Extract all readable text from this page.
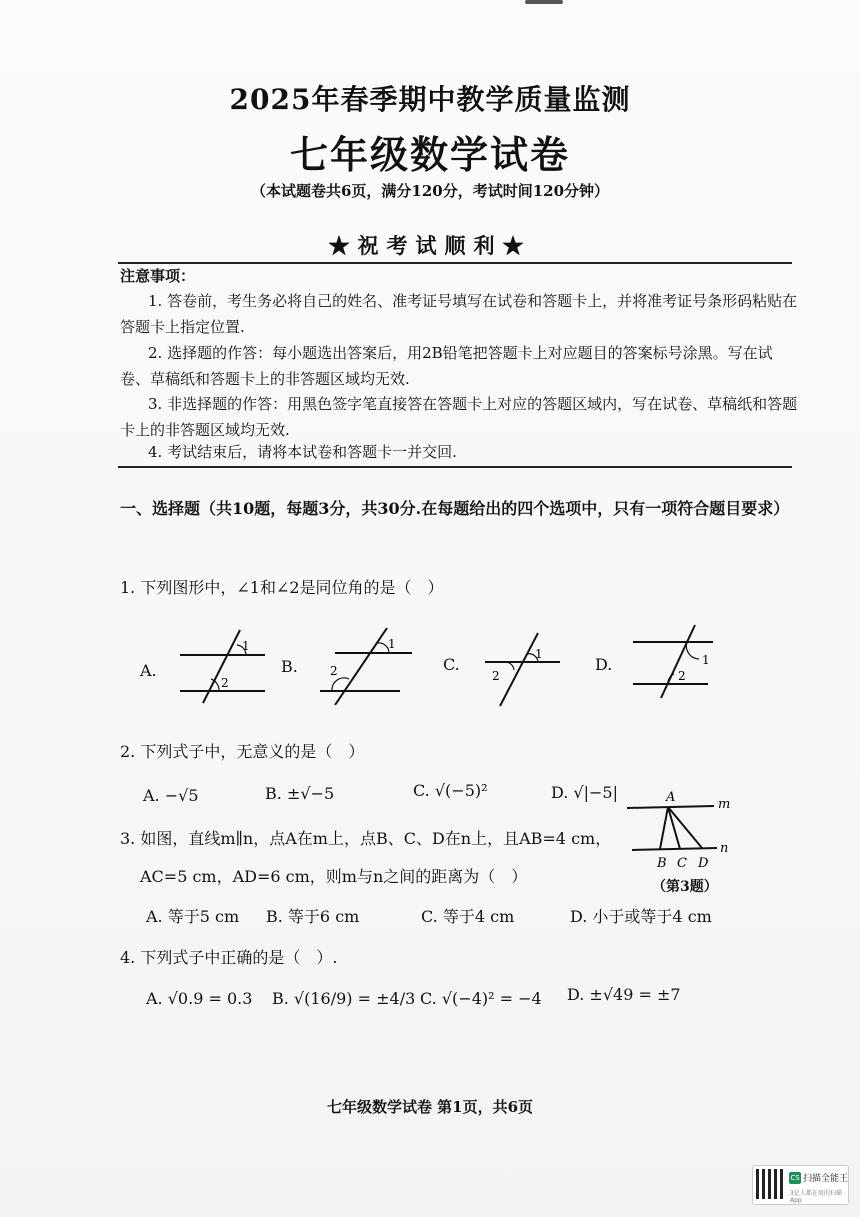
2025年春季期中教学质量监测
七年级数学试卷
（本试题卷共6页，满分120分，考试时间120分钟）
★祝考试顺利★
注意事项：
1. 答卷前，考生务必将自己的姓名、准考证号填写在试卷和答题卡上，并将准考证号条形码粘贴在答题卡上指定位置.
2. 选择题的作答：每小题选出答案后，用2B铅笔把答题卡上对应题目的答案标号涂黑。写在试卷、草稿纸和答题卡上的非答题区域均无效.
3. 非选择题的作答：用黑色签字笔直接答在答题卡上对应的答题区域内，写在试卷、草稿纸和答题卡上的非答题区域均无效.
4. 考试结束后，请将本试卷和答题卡一并交回.
一、选择题（共10题，每题3分，共30分.在每题给出的四个选项中，只有一项符合题目要求）
1. 下列图形中，∠1和∠2是同位角的是（　）
A.	B.	C.	D.
1
2
1
2
1
2
1
2
2. 下列式子中，无意义的是（　）
A. −√5	B. ±√−5	C. √(−5)²	D. √|−5|
3. 如图，直线m∥n，点A在m上，点B、C、D在n上，且AB=4 cm，
AC=5 cm，AD=6 cm，则m与n之间的距离为（　）
A
B C D
m
n
（第3题）
A. 等于5 cm B. 等于6 cm	C. 等于4 cm	D. 小于或等于4 cm
4. 下列式子中正确的是（　）.
A. √0.9 = 0.3 B. √(16/9) = ±4/3 C. √(−4)² = −4 D. ±√49 = ±7
七年级数学试卷 第1页，共6页
CS 扫描全能王
3亿人都在用的扫描App
